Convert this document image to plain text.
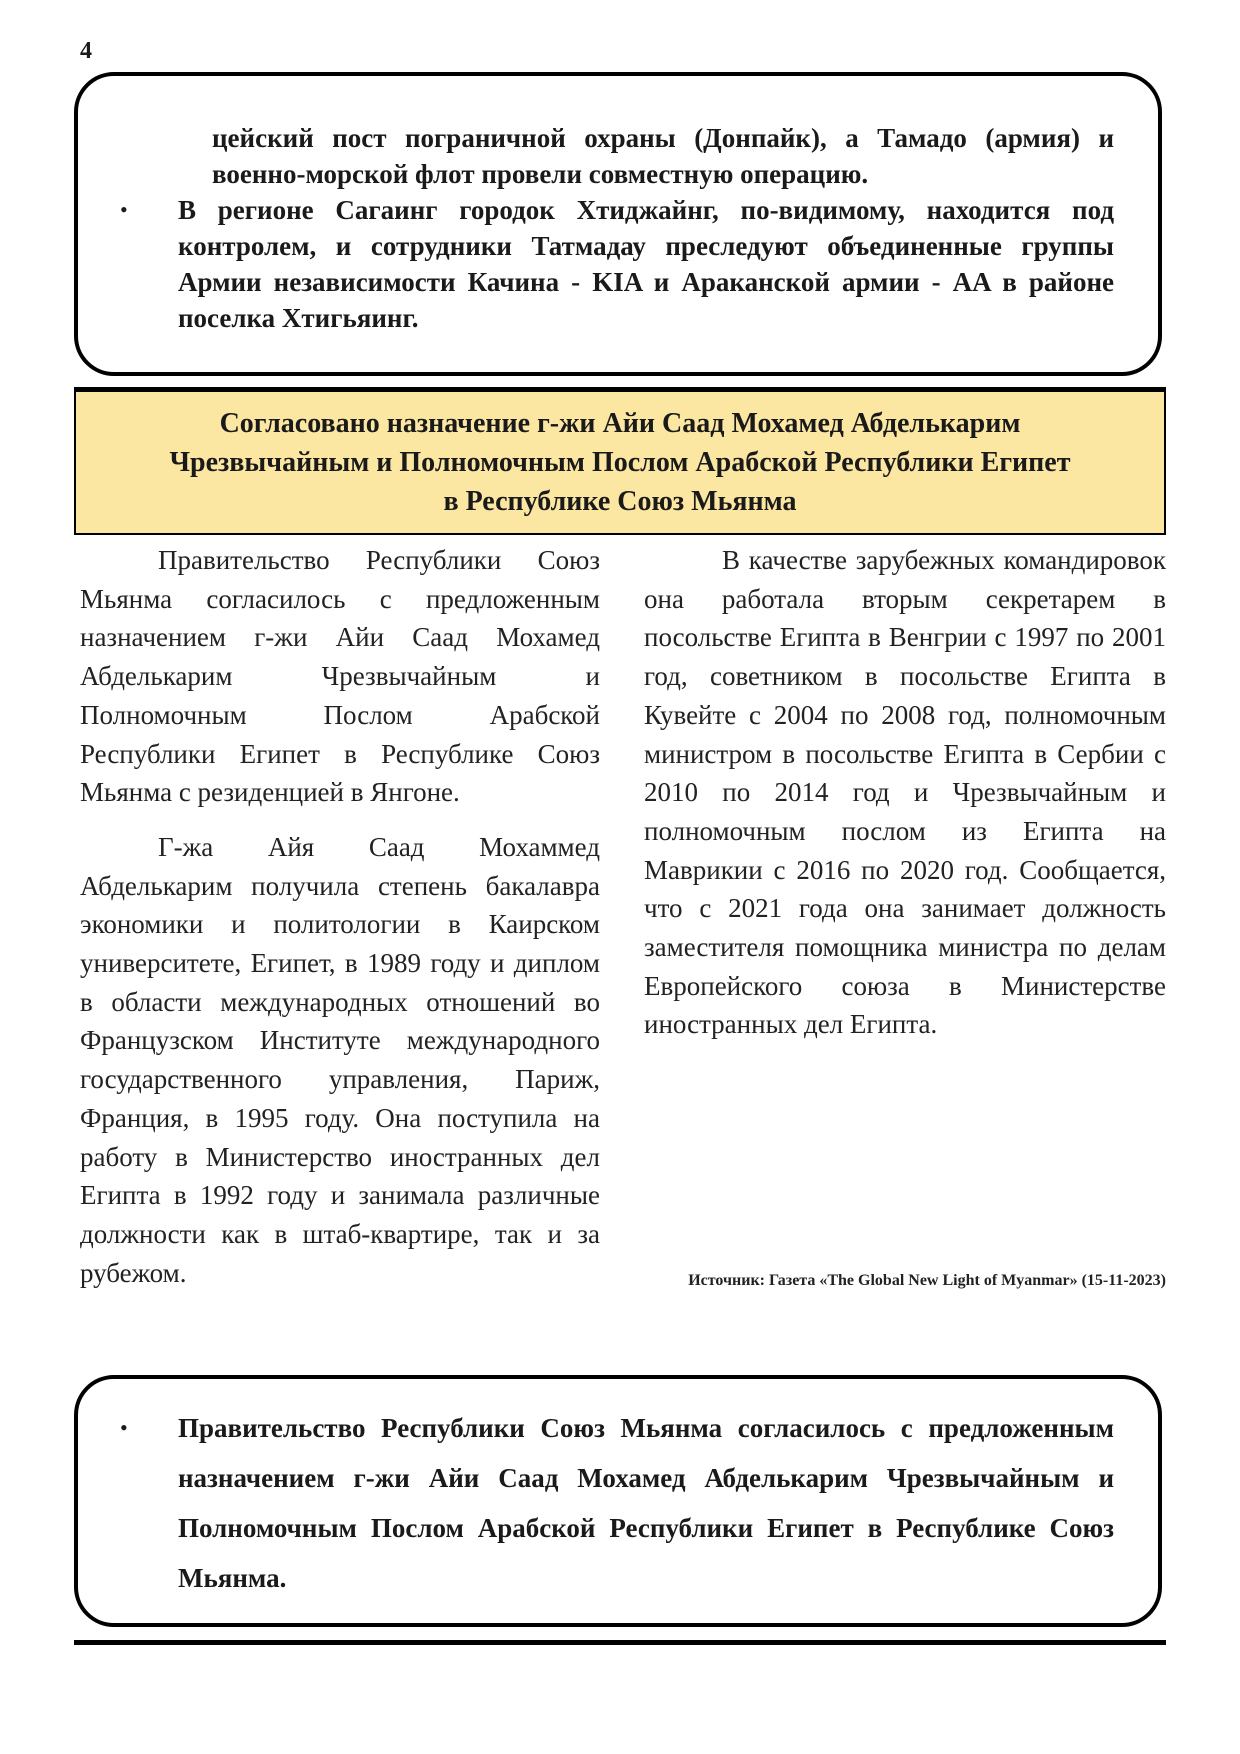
4

цейский пост пограничной охраны (Донпайк), а Тамадо (армия) и военно-морской флот провели совместную операцию.

•	В регионе Сагаинг городок Хтиджайнг, по-видимому, находится под контролем, и сотрудники Татмадау преследуют объединенные группы Армии независимости Качина - KIA и Араканской армии - AA в районе поселка Хтигьяинг.

Согласовано назначение г-жи Айи Саад Мохамед Абделькарим Чрезвычайным и Полномочным Послом Арабской Республики Египет в Республике Союз Мьянма

Правительство Республики Союз Мьянма согласилось с предложенным назначением г-жи Айи Саад Мохамед Абделькарим Чрезвычайным и Полномочным Послом Арабской Республики Египет в Республике Союз Мьянма с резиденцией в Янгоне.

Г-жа Айя Саад Мохаммед Абделькарим получила степень бакалавра экономики и политологии в Каирском университете, Египет, в 1989 году и диплом в области международных отношений во Французском Институте международного государственного управления, Париж, Франция, в 1995 году. Она поступила на работу в Министерство иностранных дел Египта в 1992 году и занимала различные должности как в штаб-квартире, так и за рубежом.

В качестве зарубежных командировок она работала вторым секретарем в посольстве Египта в Венгрии с 1997 по 2001 год, советником в посольстве Египта в Кувейте с 2004 по 2008 год, полномочным министром в посольстве Египта в Сербии с 2010 по 2014 год и Чрезвычайным и полномочным послом из Египта на Маврикии с 2016 по 2020 год. Сообщается, что с 2021 года она занимает должность заместителя помощника министра по делам Европейского союза в Министерстве иностранных дел Египта.

Источник: Газета «The Global New Light of Myanmar» (15-11-2023)
•	Правительство Республики Союз Мьянма согласилось с предложенным назначением г-жи Айи Саад Мохамед Абделькарим Чрезвычайным и Полномочным Послом Арабской Республики Египет в Республике Союз Мьянма.
